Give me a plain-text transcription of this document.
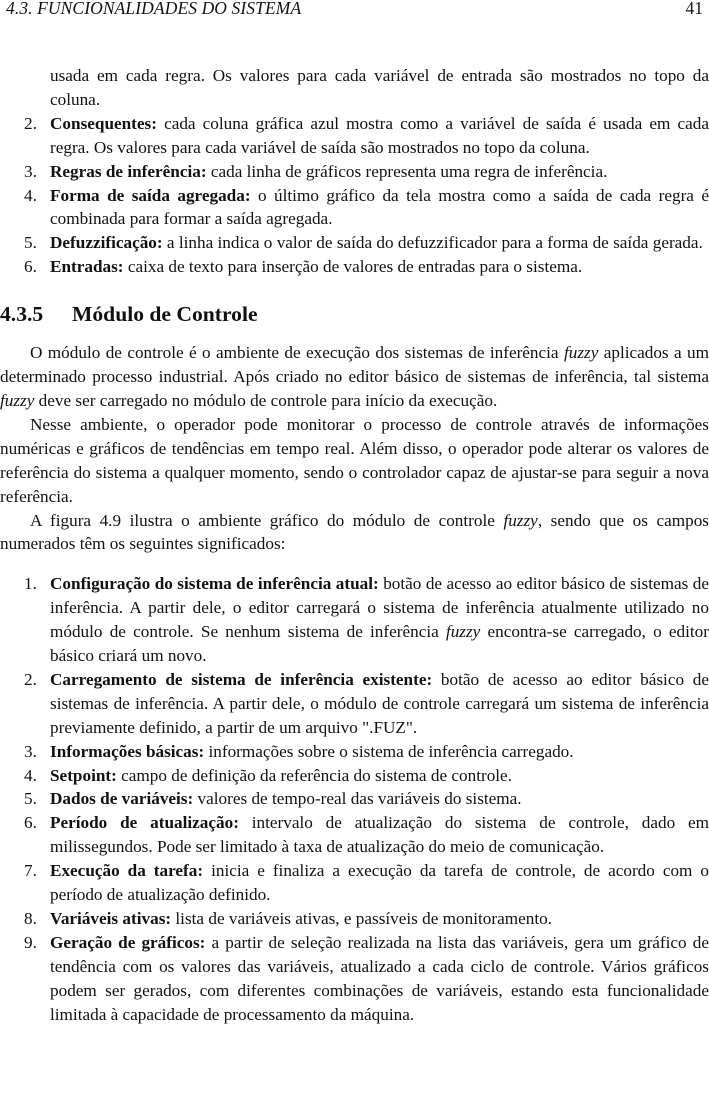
4.3. FUNCIONALIDADES DO SISTEMA	41

usada em cada regra. Os valores para cada variável de entrada são mostrados no topo da coluna.

2. Consequentes: cada coluna gráfica azul mostra como a variável de saída é usada em cada regra. Os valores para cada variável de saída são mostrados no topo da coluna.
3. Regras de inferência: cada linha de gráficos representa uma regra de inferência.
4. Forma de saída agregada: o último gráfico da tela mostra como a saída de cada regra é combinada para formar a saída agregada.
5. Defuzzificação: a linha indica o valor de saída do defuzzificador para a forma de saída gerada.
6. Entradas: caixa de texto para inserção de valores de entradas para o sistema.
4.3.5 Módulo de Controle

O módulo de controle é o ambiente de execução dos sistemas de inferência fuzzy aplicados a um determinado processo industrial. Após criado no editor básico de sistemas de inferência, tal sistema fuzzy deve ser carregado no módulo de controle para início da execução.

Nesse ambiente, o operador pode monitorar o processo de controle através de informações numéricas e gráficos de tendências em tempo real. Além disso, o operador pode alterar os valores de referência do sistema a qualquer momento, sendo o controlador capaz de ajustar-se para seguir a nova referência.

A figura 4.9 ilustra o ambiente gráfico do módulo de controle fuzzy, sendo que os campos numerados têm os seguintes significados:

1. Configuração do sistema de inferência atual: botão de acesso ao editor básico de sistemas de inferência. A partir dele, o editor carregará o sistema de inferência atualmente utilizado no módulo de controle. Se nenhum sistema de inferência fuzzy encontra-se carregado, o editor básico criará um novo.
2. Carregamento de sistema de inferência existente: botão de acesso ao editor básico de sistemas de inferência. A partir dele, o módulo de controle carregará um sistema de inferência previamente definido, a partir de um arquivo ".FUZ".
3. Informações básicas: informações sobre o sistema de inferência carregado.
4. Setpoint: campo de definição da referência do sistema de controle.
5. Dados de variáveis: valores de tempo-real das variáveis do sistema.
6. Período de atualização: intervalo de atualização do sistema de controle, dado em milissegundos. Pode ser limitado à taxa de atualização do meio de comunicação.
7. Execução da tarefa: inicia e finaliza a execução da tarefa de controle, de acordo com o período de atualização definido.
8. Variáveis ativas: lista de variáveis ativas, e passíveis de monitoramento.
9. Geração de gráficos: a partir de seleção realizada na lista das variáveis, gera um gráfico de tendência com os valores das variáveis, atualizado a cada ciclo de controle. Vários gráficos podem ser gerados, com diferentes combinações de variáveis, estando esta funcionalidade limitada à capacidade de processamento da máquina.
